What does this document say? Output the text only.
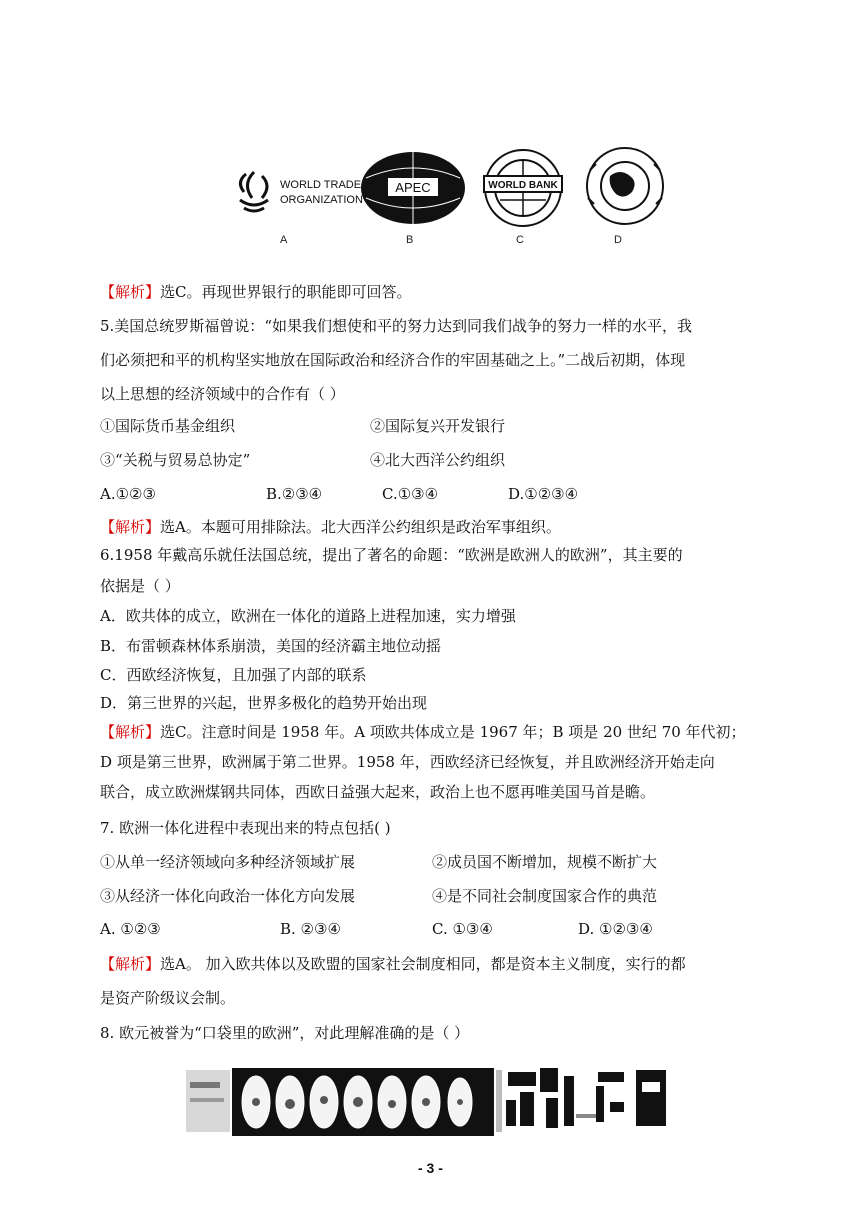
WORLD TRADE
ORGANIZATION
APEC	WORLD BANK
A	B	C	D
【解析】选C。再现世界银行的职能即可回答。
5.美国总统罗斯福曾说：“如果我们想使和平的努力达到同我们战争的努力一样的水平，我
们必须把和平的机构坚实地放在国际政治和经济合作的牢固基础之上。”二战后初期，体现
以上思想的经济领域中的合作有（ ）
①国际货币基金组织	②国际复兴开发银行
③“关税与贸易总协定”	④北大西洋公约组织
A.①②③	B.②③④	C.①③④	D.①②③④
【解析】选A。本题可用排除法。北大西洋公约组织是政治军事组织。
6.1958 年戴高乐就任法国总统，提出了著名的命题：“欧洲是欧洲人的欧洲”，其主要的
依据是（ ）
A．欧共体的成立，欧洲在一体化的道路上进程加速，实力增强
B．布雷顿森林体系崩溃，美国的经济霸主地位动摇
C．西欧经济恢复，且加强了内部的联系
D．第三世界的兴起，世界多极化的趋势开始出现
【解析】选C。注意时间是 1958 年。A 项欧共体成立是 1967 年；B 项是 20 世纪 70 年代初；
D 项是第三世界，欧洲属于第二世界。1958 年，西欧经济已经恢复，并且欧洲经济开始走向
联合，成立欧洲煤钢共同体，西欧日益强大起来，政治上也不愿再唯美国马首是瞻。
7. 欧洲一体化进程中表现出来的特点包括( )
①从单一经济领域向多种经济领域扩展	②成员国不断增加，规模不断扩大
③从经济一体化向政治一体化方向发展	④是不同社会制度国家合作的典范
A. ①②③	B. ②③④	C. ①③④	D. ①②③④
【解析】选A。 加入欧共体以及欧盟的国家社会制度相同，都是资本主义制度，实行的都
是资产阶级议会制。
8. 欧元被誉为“口袋里的欧洲”，对此理解准确的是（ ）
- 3 -
